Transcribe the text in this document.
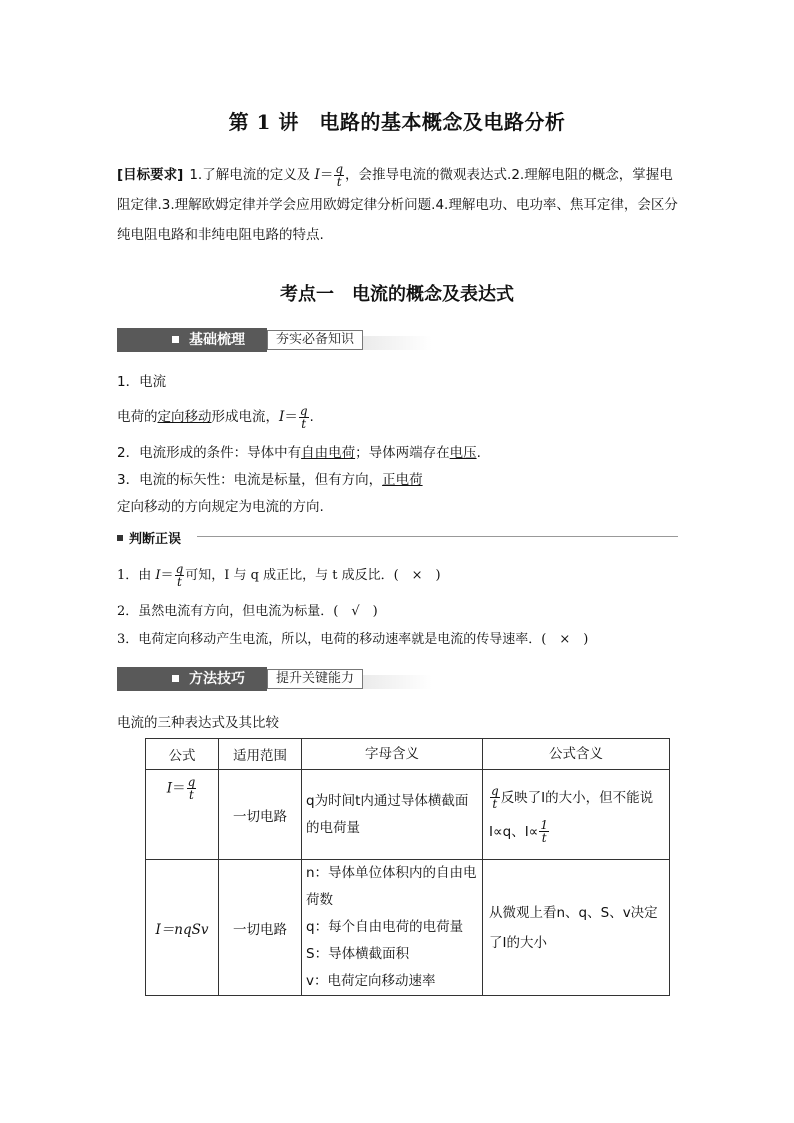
第 1 讲　电路的基本概念及电路分析
[目标要求] 1.了解电流的定义及 $I= \frac{q}{t}$ ，会推导电流的微观表达式.2.理解电阻的概念，掌握电阻定律.3.理解欧姆定律并学会应用欧姆定律分析问题.4.理解电功、电功率、焦耳定律，会区分纯电阻电路和非纯电阻电路的特点.
考点一　电流的概念及表达式
基础梳理	夯实必备知识
1．电流
电荷的定向移动形成电流，$I= \frac{q}{t}$ .
2．电流形成的条件：导体中有自由电荷；导体两端存在电压.
3．电流的标矢性：电流是标量，但有方向，正电荷
定向移动的方向规定为电流的方向.
判断正误
1．由 $I= \frac{q}{t}$ 可知，I 与 q 成正比，与 t 成反比．(　×　)
2．虽然电流有方向，但电流为标量．(　√　)
3．电荷定向移动产生电流，所以，电荷的移动速率就是电流的传导速率．(　×　)
方法技巧	提升关键能力
电流的三种表达式及其比较
公式	适用范围	字母含义	公式含义
$I= \frac{q}{t}$	一切电路	q为时间t内通过导体横截面的电荷量	$\frac{q}{t}$ 反映了I的大小，但不能说I∝q、$I\propto \frac{1}{t}$

I＝nqSv	一切电路	n：导体单位体积内的自由电荷数
q：每个自由电荷的电荷量
S：导体横截面积
v：电荷定向移动速率	从微观上看n、q、S、v决定了I的大小
